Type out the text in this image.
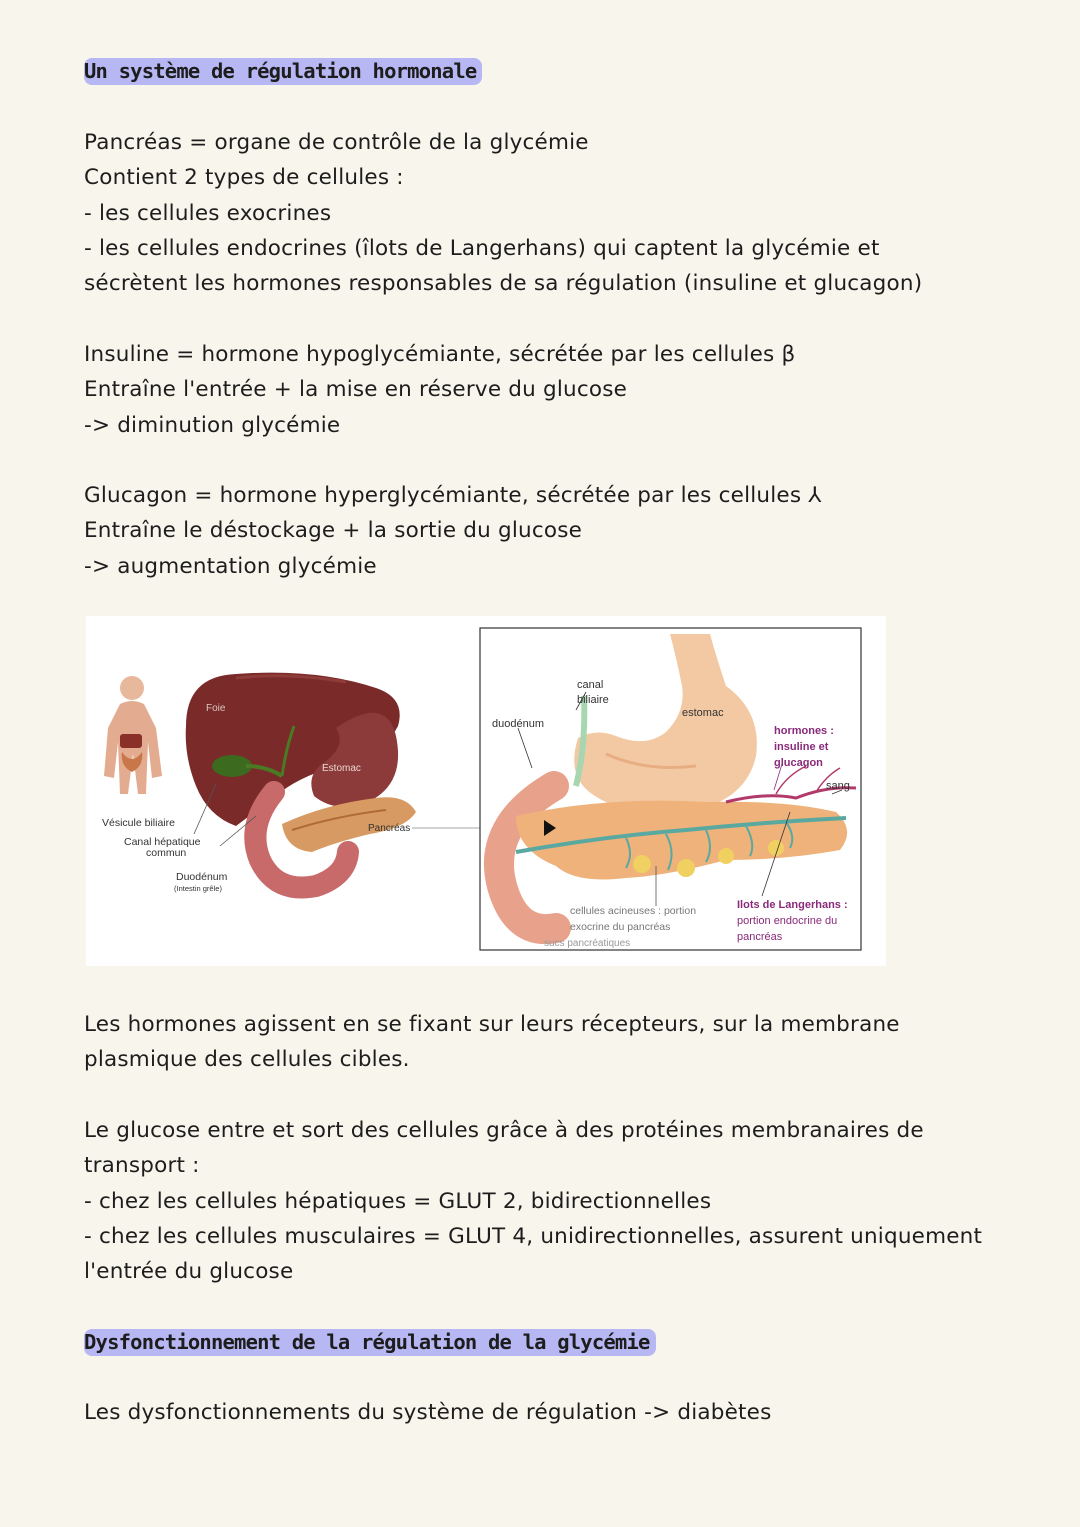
Un système de régulation hormonale
Pancréas = organe de contrôle de la glycémie
Contient 2 types de cellules :
- les cellules exocrines
- les cellules endocrines (îlots de Langerhans) qui captent la glycémie et
sécrètent les hormones responsables de sa régulation (insuline et glucagon)
Insuline = hormone hypoglycémiante, sécrétée par les cellules β
Entraîne l'entrée + la mise en réserve du glucose
-> diminution glycémie
Glucagon = hormone hyperglycémiante, sécrétée par les cellules ⅄
Entraîne le déstockage + la sortie du glucose
-> augmentation glycémie
Foie
Estomac
Vésicule biliaire
Canal hépatique
commun
Pancréas
Duodénum
(Intestin grêle)
canal
biliaire
duodénum
estomac
hormones :
insuline et
glucagon
sang
cellules acineuses : portion
exocrine du pancréas
sucs pancréatiques
Ilots de Langerhans :
portion endocrine du
pancréas
Les hormones agissent en se fixant sur leurs récepteurs, sur la membrane
plasmique des cellules cibles.
Le glucose entre et sort des cellules grâce à des protéines membranaires de
transport :
- chez les cellules hépatiques = GLUT 2, bidirectionnelles
- chez les cellules musculaires = GLUT 4, unidirectionnelles, assurent uniquement
l'entrée du glucose
Dysfonctionnement de la régulation de la glycémie
Les dysfonctionnements du système de régulation -> diabètes
